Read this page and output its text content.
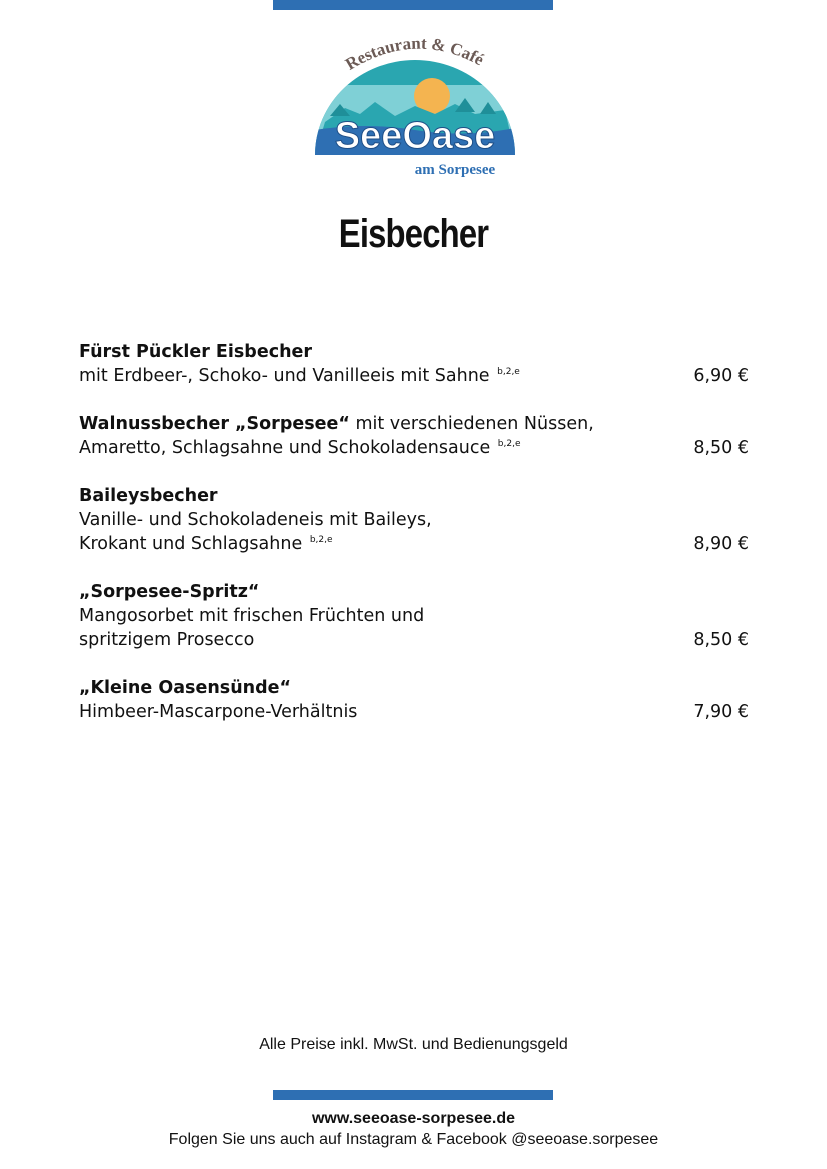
Restaurant & Café
SeeOase
am Sorpesee
Eisbecher
Fürst Pückler Eisbecher
mit Erdbeer-, Schoko- und Vanilleeis mit Sahne $^{b,2,e}$	6,90 €
Walnussbecher „Sorpesee“ mit verschiedenen Nüssen,
Amaretto, Schlagsahne und Schokoladensauce $^{b,2,e}$	8,50 €
Baileysbecher
Vanille- und Schokoladeneis mit Baileys,
Krokant und Schlagsahne $^{b,2,e}$	8,90 €
„Sorpesee-Spritz“
Mangosorbet mit frischen Früchten und
spritzigem Prosecco	8,50 €
„Kleine Oasensünde“
Himbeer-Mascarpone-Verhältnis	7,90 €
Alle Preise inkl. MwSt. und Bedienungsgeld
www.seeoase-sorpesee.de
Folgen Sie uns auch auf Instagram & Facebook @seeoase.sorpesee
